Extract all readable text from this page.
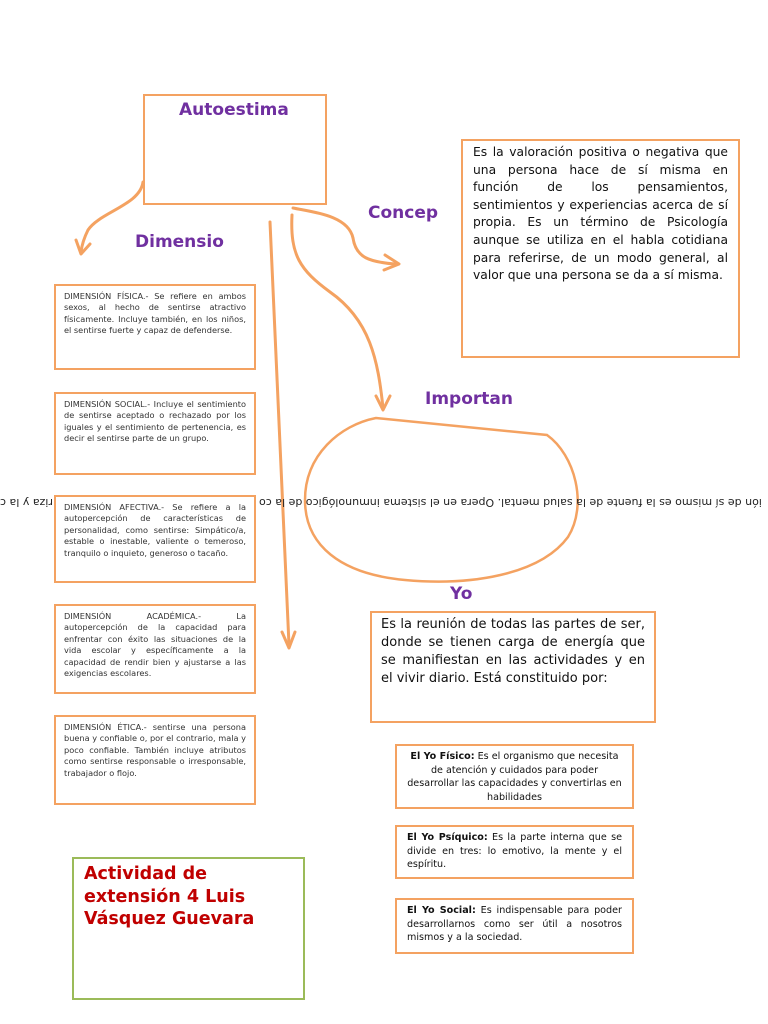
Autoestima
Dimensio
Concep
Importan
Yo
Es la valoración positiva o negativa que una persona hace de sí misma en función de los pensamientos, sentimientos y experiencias acerca de sí propia. Es un término de Psicología aunque se utiliza en el habla cotidiana para referirse, de un modo general, al valor que una persona se da a sí misma.
DIMENSIÓN FÍSICA.- Se refiere en ambos sexos, al hecho de sentirse atractivo físicamente. Incluye también, en los niños, el sentirse fuerte y capaz de defenderse.
DIMENSIÓN SOCIAL.- Incluye el sentimiento de sentirse aceptado o rechazado por los iguales y el sentimiento de pertenencia, es decir el sentirse parte de un grupo.
DIMENSIÓN AFECTIVA.- Se refiere a la autopercepción de características de personalidad, como sentirse: Simpático/a, estable o inestable, valiente o temeroso, tranquilo o inquieto, generoso o tacaño.
DIMENSIÓN ACADÉMICA.- La autopercepción de la capacidad para enfrentar con éxito las situaciones de la vida escolar y específicamente a la capacidad de rendir bien y ajustarse a las exigencias escolares.
DIMENSIÓN ÉTICA.- sentirse una persona buena y confiable o, por el contrario, mala y poco confiable. También incluye atributos como sentirse responsable o irresponsable, trabajador o flojo.
ión de sí mismo es la fuente de la salud mental. Opera en el sistema inmunológico de la co
riza y la c
Es la reunión de todas las partes de ser, donde se tienen carga de energía que se manifiestan en las actividades y en el vivir diario. Está constituido por:
El Yo Físico: Es el organismo que necesita de atención y cuidados para poder desarrollar las capacidades y convertirlas en habilidades
El Yo Psíquico: Es la parte interna que se divide en tres: lo emotivo, la mente y el espíritu.
El Yo Social: Es indispensable para poder desarrollarnos como ser útil a nosotros mismos y a la sociedad.
Actividad de
extensión 4 Luis
Vásquez Guevara
